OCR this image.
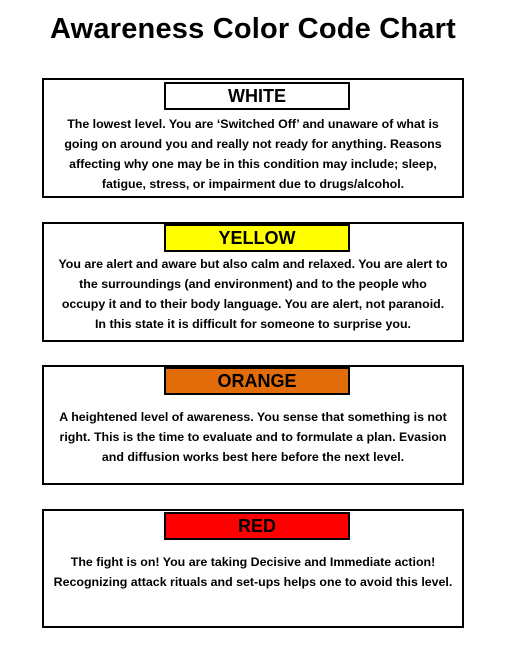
Awareness Color Code Chart
WHITE
The lowest level. You are ‘Switched Off’ and unaware of what is
going on around you and really not ready for anything. Reasons
affecting why one may be in this condition may include; sleep,
fatigue, stress, or impairment due to drugs/alcohol.
YELLOW
You are alert and aware but also calm and relaxed. You are alert to
the surroundings (and environment) and to the people who
occupy it and to their body language. You are alert, not paranoid.
In this state it is difficult for someone to surprise you.
ORANGE
A heightened level of awareness. You sense that something is not
right. This is the time to evaluate and to formulate a plan. Evasion
and diffusion works best here before the next level.
RED
The fight is on! You are taking Decisive and Immediate action!
Recognizing attack rituals and set-ups helps one to avoid this level.
